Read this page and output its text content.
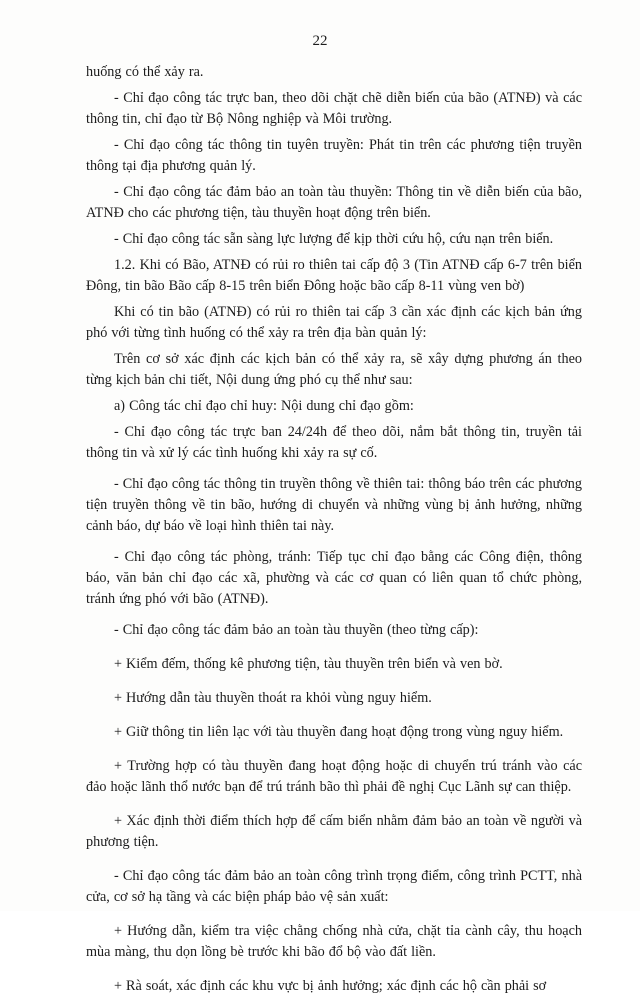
22

huống có thể xảy ra.

- Chỉ đạo công tác trực ban, theo dõi chặt chẽ diễn biến của bão (ATNĐ) và các thông tin, chỉ đạo từ Bộ Nông nghiệp và Môi trường.

- Chỉ đạo công tác thông tin tuyên truyền: Phát tin trên các phương tiện truyền thông tại địa phương quản lý.

- Chỉ đạo công tác đảm bảo an toàn tàu thuyền: Thông tin về diễn biến của bão, ATNĐ cho các phương tiện, tàu thuyền hoạt động trên biển.

- Chỉ đạo công tác sẵn sàng lực lượng để kịp thời cứu hộ, cứu nạn trên biển.

1.2. Khi có Bão, ATNĐ có rủi ro thiên tai cấp độ 3 (Tin ATNĐ cấp 6-7 trên biển Đông, tin bão Bão cấp 8-15 trên biển Đông hoặc bão cấp 8-11 vùng ven bờ)

Khi có tin bão (ATNĐ) có rủi ro thiên tai cấp 3 cần xác định các kịch bản ứng phó với từng tình huống có thể xảy ra trên địa bàn quản lý:

Trên cơ sở xác định các kịch bản có thể xảy ra, sẽ xây dựng phương án theo từng kịch bản chi tiết, Nội dung ứng phó cụ thể như sau:

a) Công tác chỉ đạo chỉ huy: Nội dung chỉ đạo gồm:

- Chỉ đạo công tác trực ban 24/24h để theo dõi, nắm bắt thông tin, truyền tải thông tin và xử lý các tình huống khi xảy ra sự cố.

- Chỉ đạo công tác thông tin truyền thông về thiên tai: thông báo trên các phương tiện truyền thông về tin bão, hướng di chuyển và những vùng bị ảnh hưởng, những cảnh báo, dự báo về loại hình thiên tai này.

- Chỉ đạo công tác phòng, tránh: Tiếp tục chỉ đạo bằng các Công điện, thông báo, văn bản chỉ đạo các xã, phường và các cơ quan có liên quan tổ chức phòng, tránh ứng phó với bão (ATNĐ).

- Chỉ đạo công tác đảm bảo an toàn tàu thuyền (theo từng cấp):

+ Kiểm đếm, thống kê phương tiện, tàu thuyền trên biển và ven bờ.

+ Hướng dẫn tàu thuyền thoát ra khỏi vùng nguy hiểm.

+ Giữ thông tin liên lạc với tàu thuyền đang hoạt động trong vùng nguy hiểm.

+ Trường hợp có tàu thuyền đang hoạt động hoặc di chuyển trú tránh vào các đảo hoặc lãnh thổ nước bạn để trú tránh bão thì phải đề nghị Cục Lãnh sự can thiệp.

+ Xác định thời điểm thích hợp để cấm biển nhằm đảm bảo an toàn về người và phương tiện.

- Chỉ đạo công tác đảm bảo an toàn công trình trọng điểm, công trình PCTT, nhà cửa, cơ sở hạ tầng và các biện pháp bảo vệ sản xuất:

+ Hướng dẫn, kiểm tra việc chằng chống nhà cửa, chặt tỉa cành cây, thu hoạch mùa màng, thu dọn lồng bè trước khi bão đổ bộ vào đất liền.

+ Rà soát, xác định các khu vực bị ảnh hưởng; xác định các hộ cần phải sơ
